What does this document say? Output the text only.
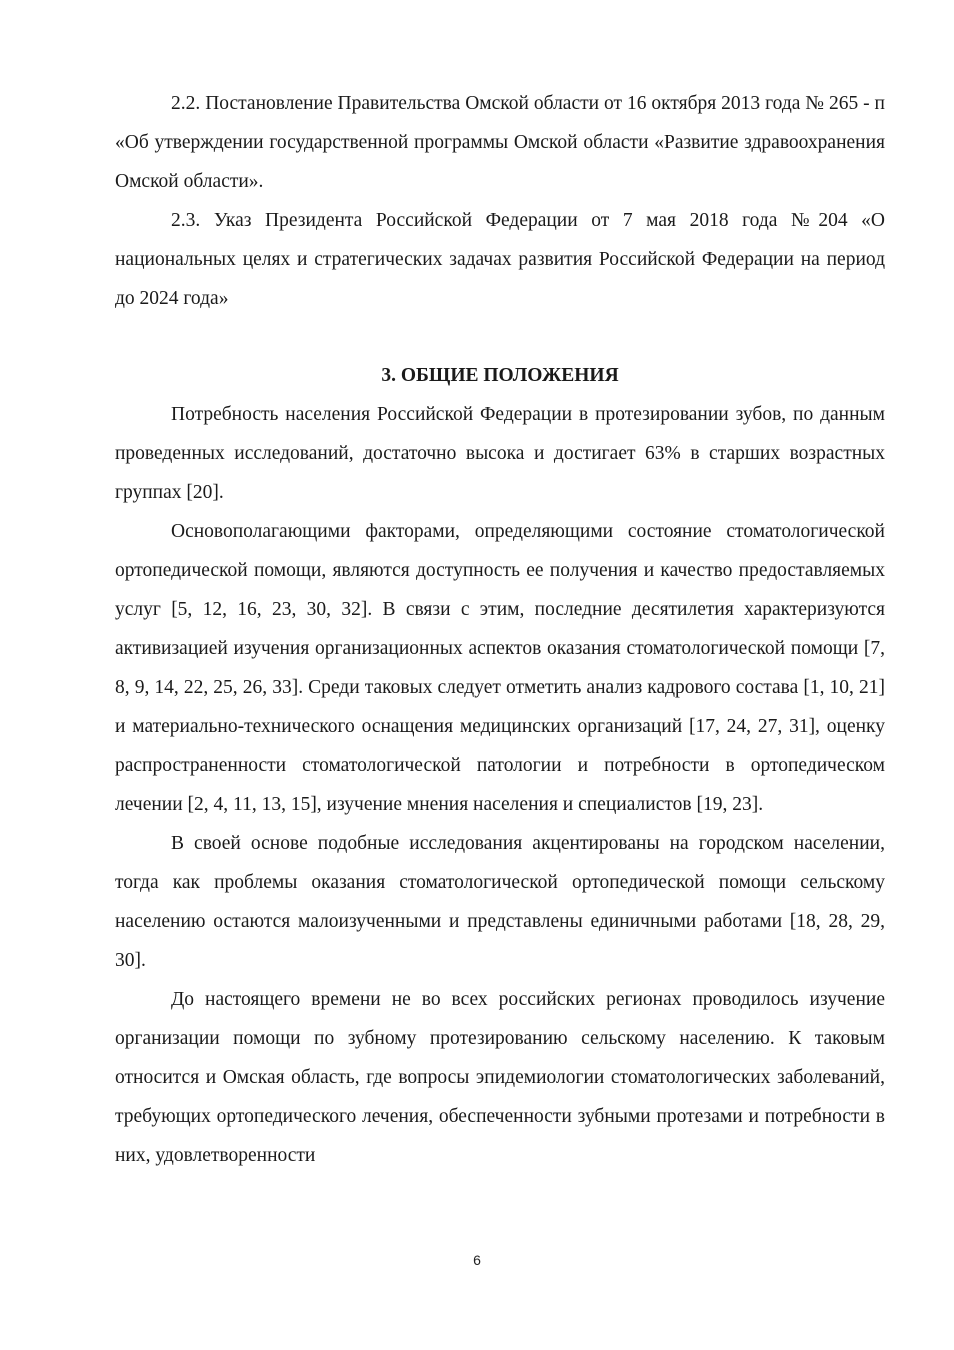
2.2. Постановление Правительства Омской области от 16 октября 2013 года № 265 - п «Об утверждении государственной программы Омской области «Развитие здравоохранения Омской области».

2.3. Указ Президента Российской Федерации от 7 мая 2018 года №204 «О национальных целях и стратегических задачах развития Российской Федерации на период до 2024 года»

3. ОБЩИЕ ПОЛОЖЕНИЯ

Потребность населения Российской Федерации в протезировании зубов, по данным проведенных исследований, достаточно высока и достигает 63% в старших возрастных группах [20].

Основополагающими факторами, определяющими состояние стоматологической ортопедической помощи, являются доступность ее получения и качество предоставляемых услуг [5, 12, 16, 23, 30, 32]. В связи с этим, последние десятилетия характеризуются активизацией изучения организационных аспектов оказания стоматологической помощи [7, 8, 9, 14, 22, 25, 26, 33]. Среди таковых следует отметить анализ кадрового состава [1, 10, 21] и материально-технического оснащения медицинских организаций [17, 24, 27, 31], оценку распространенности стоматологической патологии и потребности в ортопедическом лечении [2, 4, 11, 13, 15], изучение мнения населения и специалистов [19, 23].

В своей основе подобные исследования акцентированы на городском населении, тогда как проблемы оказания стоматологической ортопедической помощи сельскому населению остаются малоизученными и представлены единичными работами [18, 28, 29, 30].

До настоящего времени не во всех российских регионах проводилось изучение организации помощи по зубному протезированию сельскому населению. К таковым относится и Омская область, где вопросы эпидемиологии стоматологических заболеваний, требующих ортопедического лечения, обеспеченности зубными протезами и потребности в них, удовлетворенности

6
